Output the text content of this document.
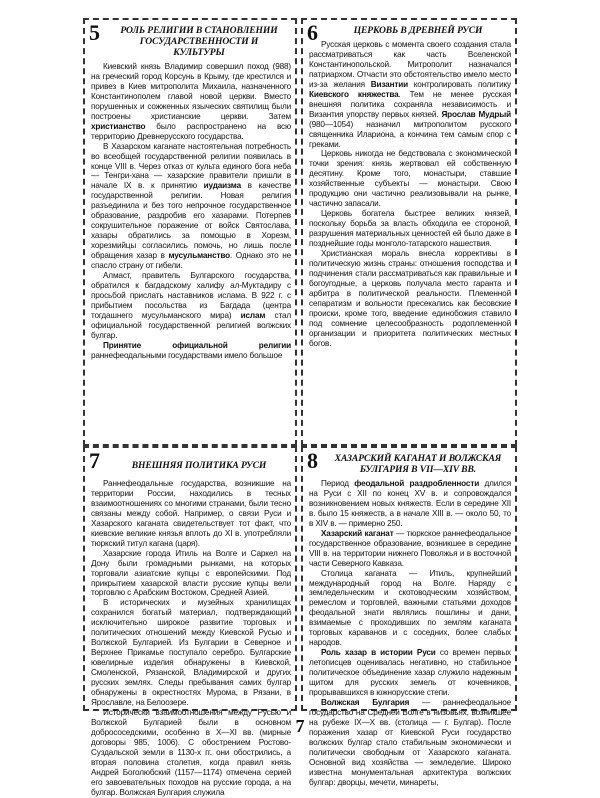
5	РОЛЬ РЕЛИГИИ В СТАНОВЛЕНИИ ГОСУДАРСТВЕННОСТИ И КУЛЬТУРЫ

Киевский князь Владимир совершил поход (988) на греческий город Корсунь в Крыму, где крестился и привез в Киев митрополита Михаила, назначенного Константинополем главой новой церкви. Вместо порушенных и сожженных языческих святилищ были построены христианские церкви. Затем христианство было распространено на всю территорию Древнерусского государства.

В Хазарском каганате настоятельная потребность во всеобщей государственной религии появилась в конце VIII в. Через отказ от культа единого бога неба — Тенгри-хана — хазарские правители пришли в начале IX в. к принятию иудаизма в качестве государственной религии. Новая религия разъединила и без того непрочное государственное образование, раздробив его хазарами. Потерпев сокрушительное поражение от войск Святослава, хазары обратились за помощью в Хорезм, хорезмийцы согласились помочь, но лишь после обращения хазар в мусульманство. Однако это не спасло страну от гибели.

Алмаст, правитель Булгарского государства, обратился к багдадскому халифу ал-Муктадиру с просьбой прислать наставников ислама. В 922 г. с прибытием посольства из Багдада (центра тогдашнего мусульманского мира) ислам стал официальной государственной религией волжских булгар.

Принятие официальной религии раннефеодальными государствами имело большое

6	ЦЕРКОВЬ В ДРЕВНЕЙ РУСИ

Русская церковь с момента своего создания стала рассматриваться как часть Вселенской Константинопольской. Митрополит назначался патриархом. Отчасти это обстоятельство имело место из-за желания Византии контролировать политику Киевского княжества. Тем не менее русская внешняя политика сохраняла независимость и Византия упорству первых князей. Ярослав Мудрый (980—1054) назначил митрополитом русского священника Илариона, а кончина тем самым спор с греками.

Церковь никогда не бедствовала с экономической точки зрения: князь жертвовал ей собственную десятину. Кроме того, монастыри, ставшие хозяйственные субъекты — монастыри. Свою продукцию они частично реализовывали на рынке, частично запасали.

Церковь богатела быстрее великих князей, поскольку борьба за власть обходила ее стороной, разрушения материальных ценностей ей было даже в позднейшие годы монголо-татарского нашествия.

Христианская мораль внесла коррективы в политическую жизнь страны: отношения господства и подчинения стали рассматриваться как правильные и богоугодные, а церковь получала место гаранта и арбитра в политической реальности. Племенной сепаратизм и вольности пресекались как бесовские происки, кроме того, введение единобожия ставило под сомнение целесообразность родоплеменной организации и приоритета политических местных богов.

7	ВНЕШНЯЯ ПОЛИТИКА РУСИ

Раннефеодальные государства, возникшие на территории России, находились в тесных взаимоотношениях со многими странами, были тесно связаны между собой. Например, о связи Руси и Хазарского каганата свидетельствует тот факт, что киевские великие князья вплоть до XI в. употребляли тюркский титул кагана (царя).

Хазарские города Итиль на Волге и Саркел на Дону были громадными рынками, на которых торговали азиатские купцы с европейскими. Под прикрытием хазарской власти русские купцы вели торговлю с Арабским Востоком, Средней Азией.

В исторических и музейных хранилищах сохранился богатый материал, подтверждающий исключительно широкое развитие торговых и политических отношений между Киевской Русью и Волжской Булгарией. Из Булгарии в Северное и Верхнее Прикамье поступало серебро. Булгарские ювелирные изделия обнаружены в Киевской, Смоленской, Рязанской, Владимирской и других русских землях. Следы пребывания самих булгар обнаружены в окрестностях Мурома, в Рязани, в Ярославле, на Белоозере.

Исторически взаимоотношения между Русью и Волжской Булгарией были в основном добрососедскими, особенно в X—XI вв. (мирные договоры 985, 1006). С обострением Ростово-Суздальской земли в 1130-х гг. они обострились, а вторая половина столетия, когда правил князь Андрей Боголюбский (1157—1174) отмечена серией его завоевательных походов на русские города, а на булгар. Волжская Булгария служила

8	ХАЗАРСКИЙ КАГАНАТ И ВОЛЖСКАЯ БУЛГАРИЯ В VII—XIV ВВ.

Период феодальной раздробленности длился на Руси с XII по конец XV в. и сопровождался возникновением новых княжеств. Если в середине XII в. было 15 княжеств, а в начале XIII в. — около 50, то в XIV в. — примерно 250.

Хазарский каганат — тюркское раннефеодальное государственное образование, возникшее в середине VIII в. на территории нижнего Поволжья и в восточной части Северного Кавказа.

Столица каганата — Итиль, крупнейший международный город на Волге. Наряду с земледельческим и скотоводческим хозяйством, ремеслом и торговлей, важными статьями доходов феодальной знати являлись пошлины и дани, взимаемые с проходивших по землям каганата торговых караванов и с соседних, более слабых народов.

Роль хазар в истории Руси со времен первых летописцев оценивалась негативно, но стабильное политическое объединение хазар служило надежным щитом для русских земель от кочевников, прорывавшихся в южнорусские степи.

Волжская Булгария — раннефеодальное государство на Средней Волге в низовьях, возникшее на рубеже IX—X вв. (столица — г. Булгар). После поражения хазар от Киевской Руси государство волжских булгар стало стабильным экономически и политически свободным от Хазарского каганата. Основной вид хозяйства — земледелие. Широко известна монументальная архитектура волжских булгар: дворцы, мечети, минареты,

7
